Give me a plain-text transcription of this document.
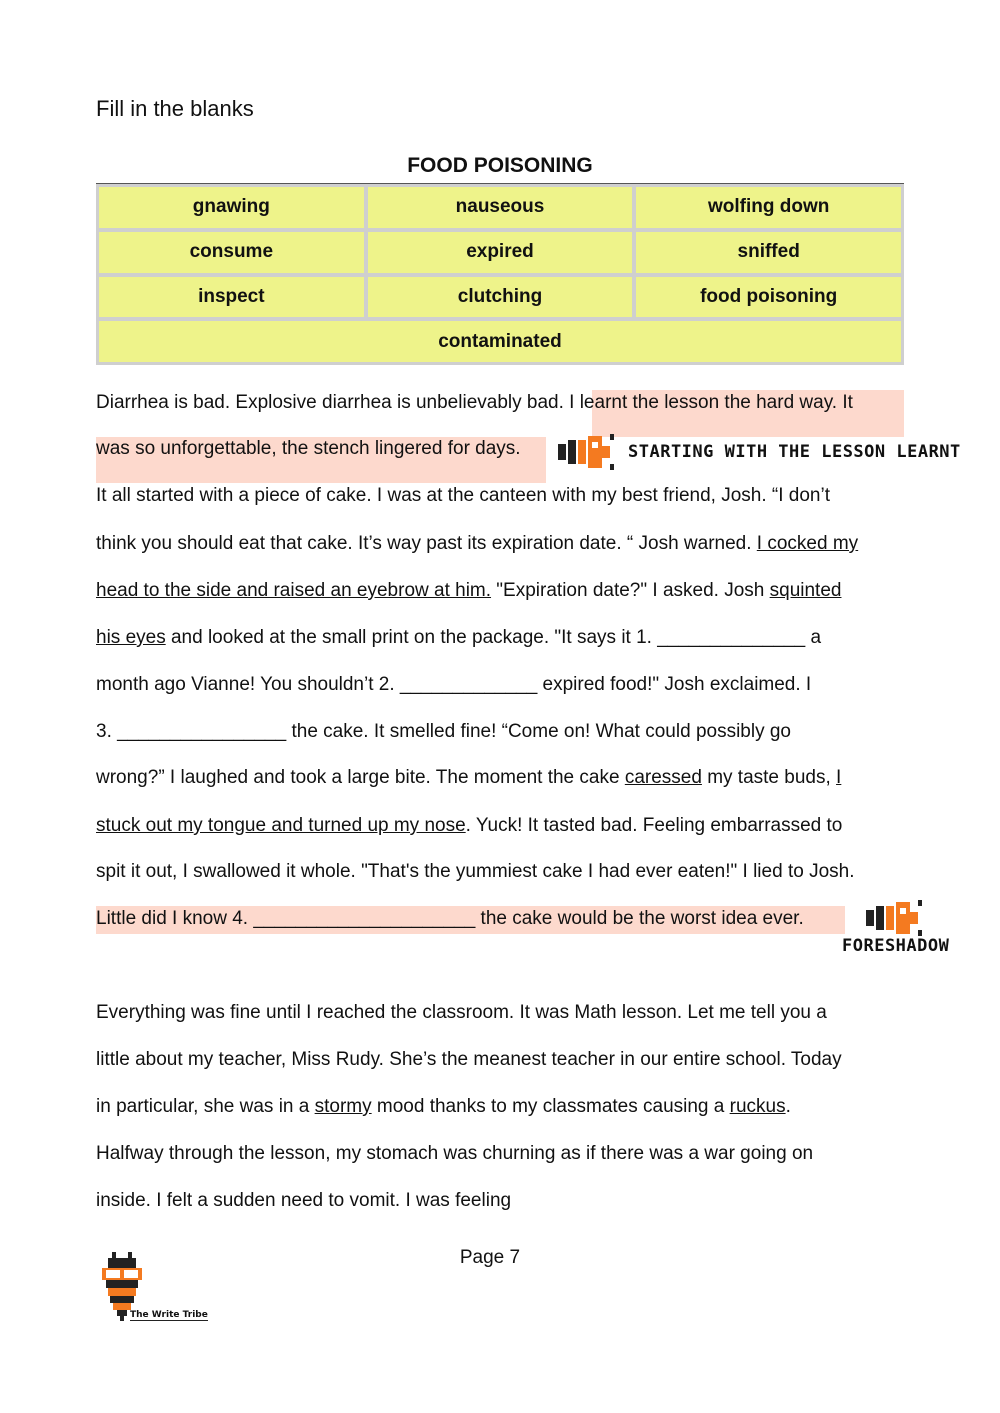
Fill in the blanks
FOOD POISONING
gnawing	nauseous	wolfing down
consume	expired	sniffed
inspect	clutching	food poisoning
contaminated
Diarrhea is bad. Explosive diarrhea is unbelievably bad. I learnt the lesson the hard way. It
was so unforgettable, the stench lingered for days.	STARTING WITH THE LESSON LEARNT
It all started with a piece of cake. I was at the canteen with my best friend, Josh. “I don’t
think you should eat that cake. It’s way past its expiration date. “ Josh warned. I cocked my
head to the side and raised an eyebrow at him. "Expiration date?" I asked. Josh squinted
his eyes and looked at the small print on the package. "It says it 1. ______________ a
month ago Vianne! You shouldn’t 2. _____________ expired food!" Josh exclaimed. I
3. ________________ the cake. It smelled fine! “Come on! What could possibly go
wrong?” I laughed and took a large bite. The moment the cake caressed my taste buds, I
stuck out my tongue and turned up my nose. Yuck! It tasted bad. Feeling embarrassed to
spit it out, I swallowed it whole. "That's the yummiest cake I had ever eaten!" I lied to Josh.
Little did I know 4. _____________________ the cake would be the worst idea ever.
FORESHADOW
Everything was fine until I reached the classroom. It was Math lesson. Let me tell you a
little about my teacher, Miss Rudy. She’s the meanest teacher in our entire school. Today
in particular, she was in a stormy mood thanks to my classmates causing a ruckus.
Halfway through the lesson, my stomach was churning as if there was a war going on
inside. I felt a sudden need to vomit. I was feeling
Page 7
The Write Tribe
